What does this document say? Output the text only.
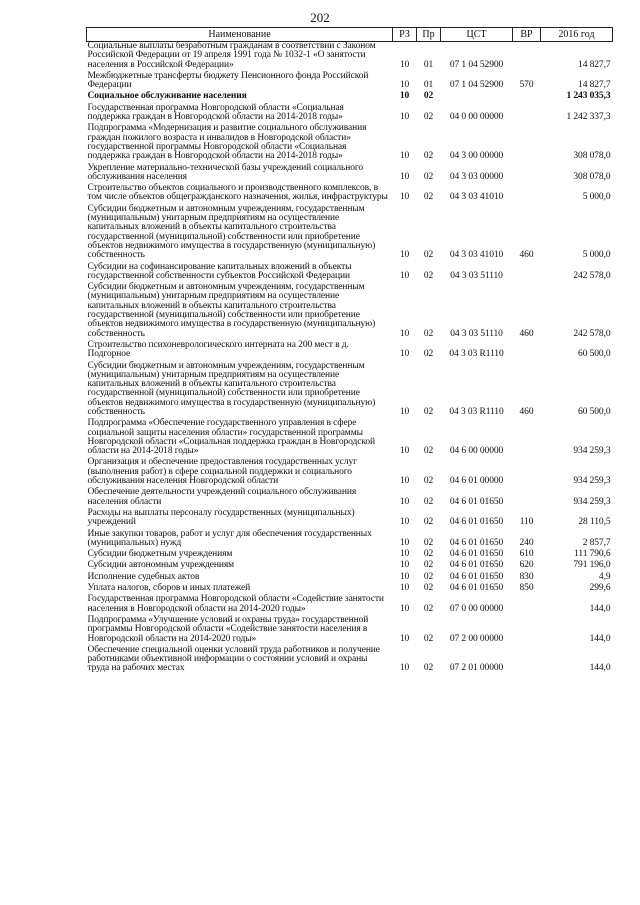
202
Наименование	РЗ	Пр	ЦСТ	ВР	2016 год
Социальные выплаты безработным гражданам в соответствии с Законом Российской Федерации от 19 апреля 1991 года № 1032-1 «О занятости населения в Российской Федерации»	10	01	07 1 04 52900		14 827,7
Межбюджетные трансферты бюджету Пенсионного фонда Российской Федерации	10	01	07 1 04 52900	570	14 827,7
Социальное обслуживание населения	10	02			1 243 035,3
Государственная программа Новгородской области «Социальная поддержка граждан в Новгородской области на 2014-2018 годы»	10	02	04 0 00 00000		1 242 337,3
Подпрограмма «Модернизация и развитие социального обслуживания граждан пожилого возраста и инвалидов в Новгородской области» государственной программы Новгородской области «Социальная поддержка граждан в Новгородской области на 2014-2018 годы»	10	02	04 3 00 00000		308 078,0
Укрепление материально-технической базы учреждений социального обслуживания населения	10	02	04 3 03 00000		308 078,0
Строительство объектов социального и производственного комплексов, в том числе объектов общегражданского назначения, жилья, инфраструктуры	10	02	04 3 03 41010		5 000,0
Субсидии бюджетным и автономным учреждениям, государственным (муниципальным) унитарным предприятиям на осуществление капитальных вложений в объекты капитального строительства государственной (муниципальной) собственности или приобретение объектов недвижимого имущества в государственную (муниципальную) собственность	10	02	04 3 03 41010	460	5 000,0
Субсидии на софинансирование капитальных вложений в объекты государственной собственности субъектов Российской Федерации	10	02	04 3 03 51110		242 578,0
Субсидии бюджетным и автономным учреждениям, государственным (муниципальным) унитарным предприятиям на осуществление капитальных вложений в объекты капитального строительства государственной (муниципальной) собственности или приобретение объектов недвижимого имущества в государственную (муниципальную) собственность	10	02	04 3 03 51110	460	242 578,0
Строительство психоневрологического интерната на 200 мест в д. Подгорное	10	02	04 3 03 R1110		60 500,0
Субсидии бюджетным и автономным учреждениям, государственным (муниципальным) унитарным предприятиям на осуществление капитальных вложений в объекты капитального строительства государственной (муниципальной) собственности или приобретение объектов недвижимого имущества в государственную (муниципальную) собственность	10	02	04 3 03 R1110	460	60 500,0
Подпрограмма «Обеспечение государственного управления в сфере социальной защиты населения области» государственной программы Новгородской области «Социальная поддержка граждан в Новгородской области на 2014-2018 годы»	10	02	04 6 00 00000		934 259,3
Организация и обеспечение предоставления государственных услуг (выполнения работ) в сфере социальной поддержки и социального обслуживания населения Новгородской области	10	02	04 6 01 00000		934 259,3
Обеспечение деятельности учреждений социального обслуживания населения области	10	02	04 6 01 01650		934 259,3
Расходы на выплаты персоналу государственных (муниципальных) учреждений	10	02	04 6 01 01650	110	28 110,5
Иные закупки товаров, работ и услуг для обеспечения государственных (муниципальных) нужд	10	02	04 6 01 01650	240	2 857,7
Субсидии бюджетным учреждениям	10	02	04 6 01 01650	610	111 790,6
Субсидии автономным учреждениям	10	02	04 6 01 01650	620	791 196,0
Исполнение судебных актов	10	02	04 6 01 01650	830	4,9
Уплата налогов, сборов и иных платежей	10	02	04 6 01 01650	850	299,6
Государственная программа Новгородской области «Содействие занятости населения в Новгородской области на 2014-2020 годы»	10	02	07 0 00 00000		144,0
Подпрограмма «Улучшение условий и охраны труда» государственной программы Новгородской области «Содействие занятости населения в Новгородской области на 2014-2020 годы»	10	02	07 2 00 00000		144,0
Обеспечение специальной оценки условий труда работников и получение работниками объективной информации о состоянии условий и охраны труда на рабочих местах	10	02	07 2 01 00000		144,0
